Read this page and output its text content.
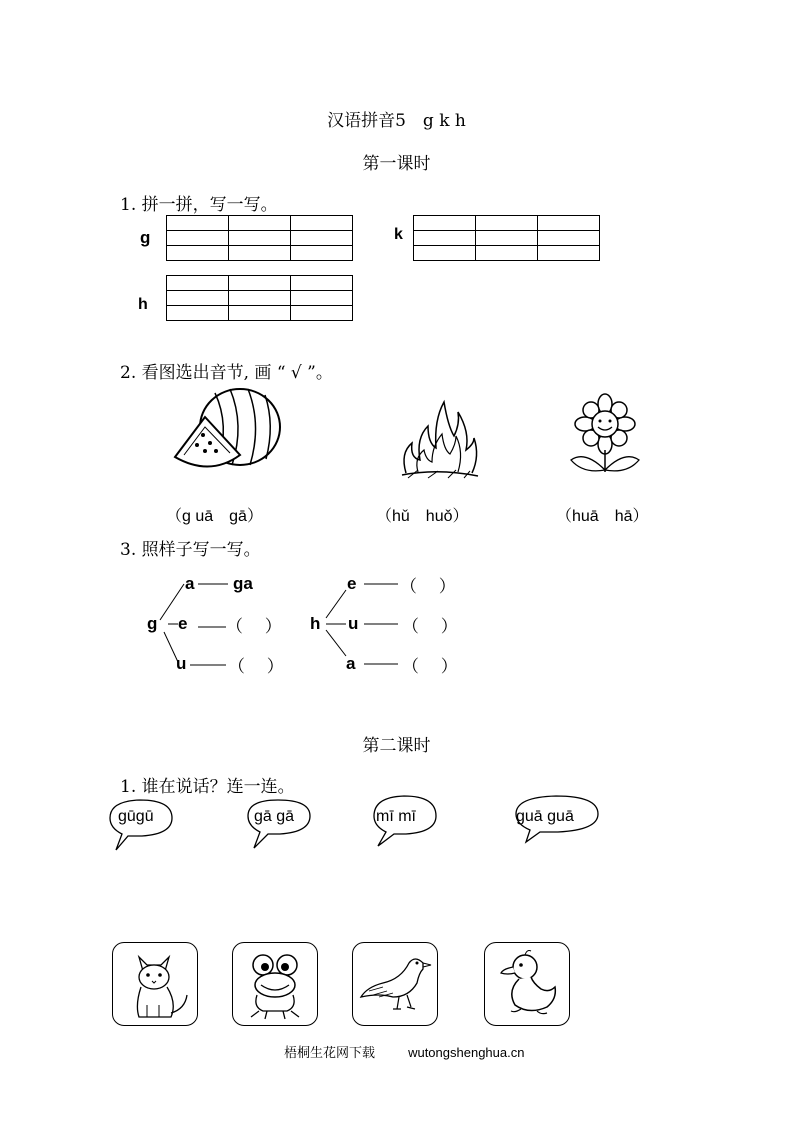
汉语拼音5　g k h
第一课时
1. 拼一拼，写一写。
g

			k

h

2. 看图选出音节, 画 “ √ ”。
（g uā　gā）	（hǔ　huǒ）	（huā　hā）
3. 照样子写一写。
g
a
e
u
ga
（　 ）
（　 ）
h
e
u
a
（　 ）
（　 ）
（　 ）
第二课时
1. 谁在说话？连一连。
gūgū	gā gā	mī mī	guā guā
梧桐生花网下载	wutongshenghua.cn
